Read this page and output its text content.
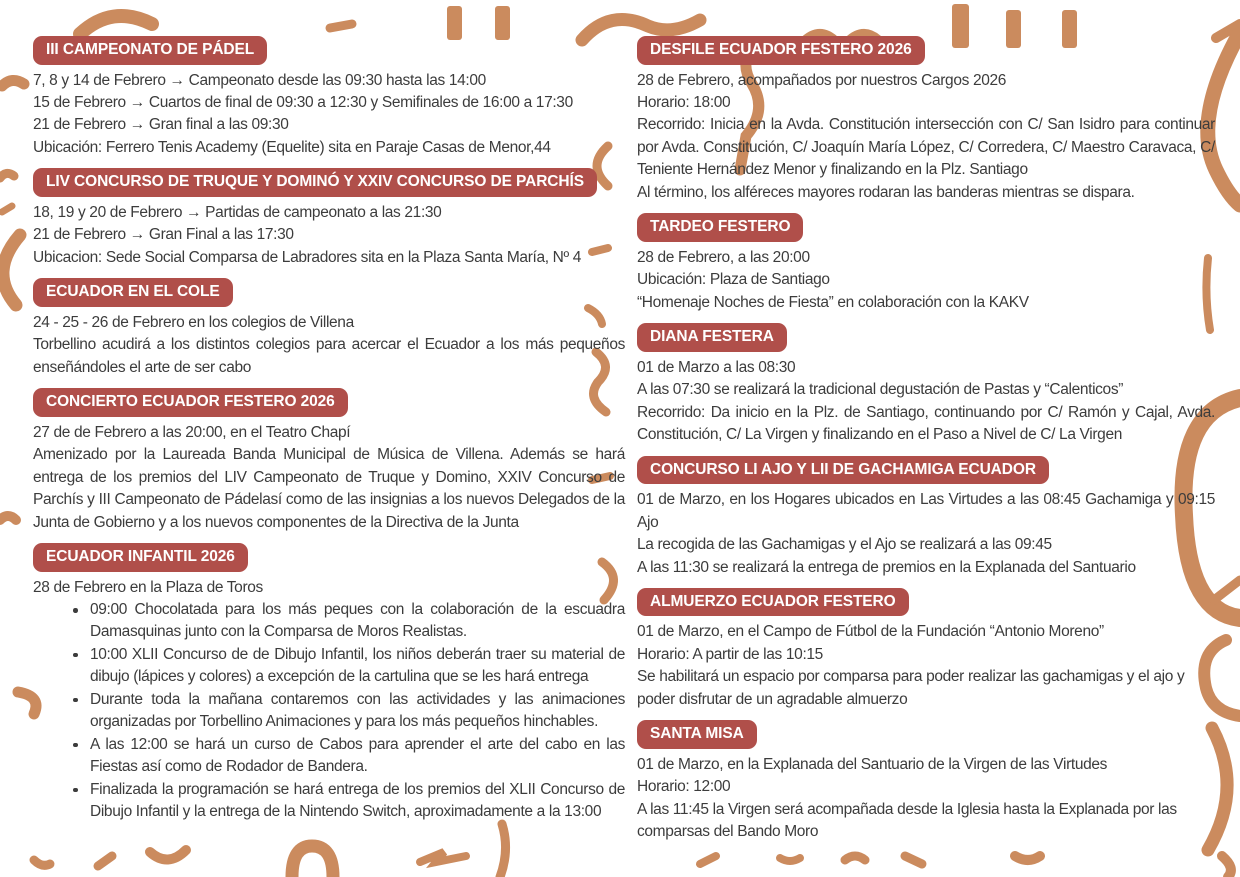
III CAMPEONATO DE PÁDEL
7, 8 y 14 de Febrero → Campeonato desde las 09:30 hasta las 14:00
15 de Febrero → Cuartos de final de 09:30 a 12:30 y Semifinales de 16:00 a 17:30
21 de Febrero → Gran final a las 09:30
Ubicación: Ferrero Tenis Academy (Equelite) sita en Paraje Casas de Menor,44
LIV CONCURSO DE TRUQUE Y DOMINÓ Y XXIV CONCURSO DE PARCHÍS
18, 19 y 20 de Febrero → Partidas de campeonato a las 21:30
21 de Febrero → Gran Final a las 17:30
Ubicacion: Sede Social Comparsa de Labradores sita en la Plaza Santa María, Nº 4
ECUADOR EN EL COLE
24 - 25 - 26 de Febrero en los colegios de Villena
Torbellino acudirá a los distintos colegios para acercar el Ecuador a los más pequeños enseñándoles el arte de ser cabo
CONCIERTO ECUADOR FESTERO 2026
27 de de Febrero a las 20:00, en el Teatro Chapí
Amenizado por la Laureada Banda Municipal de Música de Villena. Además se hará entrega de los premios del LIV Campeonato de Truque y Domino, XXIV Concurso de Parchís y III Campeonato de Pádelasí como de las insignias a los nuevos Delegados de la Junta de Gobierno y a los nuevos componentes de la Directiva de la Junta
ECUADOR INFANTIL 2026
28 de Febrero en la Plaza de Toros
09:00 Chocolatada para los más peques con la colaboración de la escuadra Damasquinas junto con la Comparsa de Moros Realistas.
10:00 XLII Concurso de de Dibujo Infantil, los niños deberán traer su material de dibujo (lápices y colores) a excepción de la cartulina que se les hará entrega
Durante toda la mañana contaremos con las actividades y las animaciones organizadas por Torbellino Animaciones y para los más pequeños hinchables.
A las 12:00 se hará un curso de Cabos para aprender el arte del cabo en las Fiestas así como de Rodador de Bandera.
Finalizada la programación se hará entrega de los premios del XLII Concurso de Dibujo Infantil y la entrega de la Nintendo Switch, aproximadamente a la 13:00
DESFILE ECUADOR FESTERO 2026
28 de Febrero, acompañados por nuestros Cargos 2026
Horario: 18:00
Recorrido: Inicia en la Avda. Constitución intersección con C/ San Isidro para continuar por Avda. Constitución, C/ Joaquín María López, C/ Corredera, C/ Maestro Caravaca, C/ Teniente Hernández Menor y finalizando en la Plz. Santiago
Al término, los alféreces mayores rodaran las banderas mientras se dispara.
TARDEO FESTERO
28 de Febrero, a las 20:00
Ubicación: Plaza de Santiago
“Homenaje Noches de Fiesta” en colaboración con la KAKV
DIANA FESTERA
01 de Marzo a las 08:30
A las 07:30 se realizará la tradicional degustación de Pastas y “Calenticos”
Recorrido: Da inicio en la Plz. de Santiago, continuando por C/ Ramón y Cajal, Avda. Constitución, C/ La Virgen y finalizando en el Paso a Nivel de C/ La Virgen
CONCURSO LI AJO Y LII DE GACHAMIGA ECUADOR
01 de Marzo, en los Hogares ubicados en Las Virtudes a las 08:45 Gachamiga y 09:15 Ajo
La recogida de las Gachamigas y el Ajo se realizará a las 09:45
A las 11:30 se realizará la entrega de premios en la Explanada del Santuario
ALMUERZO ECUADOR FESTERO
01 de Marzo, en el Campo de Fútbol de la Fundación “Antonio Moreno”
Horario: A partir de las 10:15
Se habilitará un espacio por comparsa para poder realizar las gachamigas y el ajo y poder disfrutar de un agradable almuerzo
SANTA MISA
01 de Marzo, en la Explanada del Santuario de la Virgen de las Virtudes
Horario: 12:00
A las 11:45 la Virgen será acompañada desde la Iglesia hasta la Explanada por las comparsas del Bando Moro
